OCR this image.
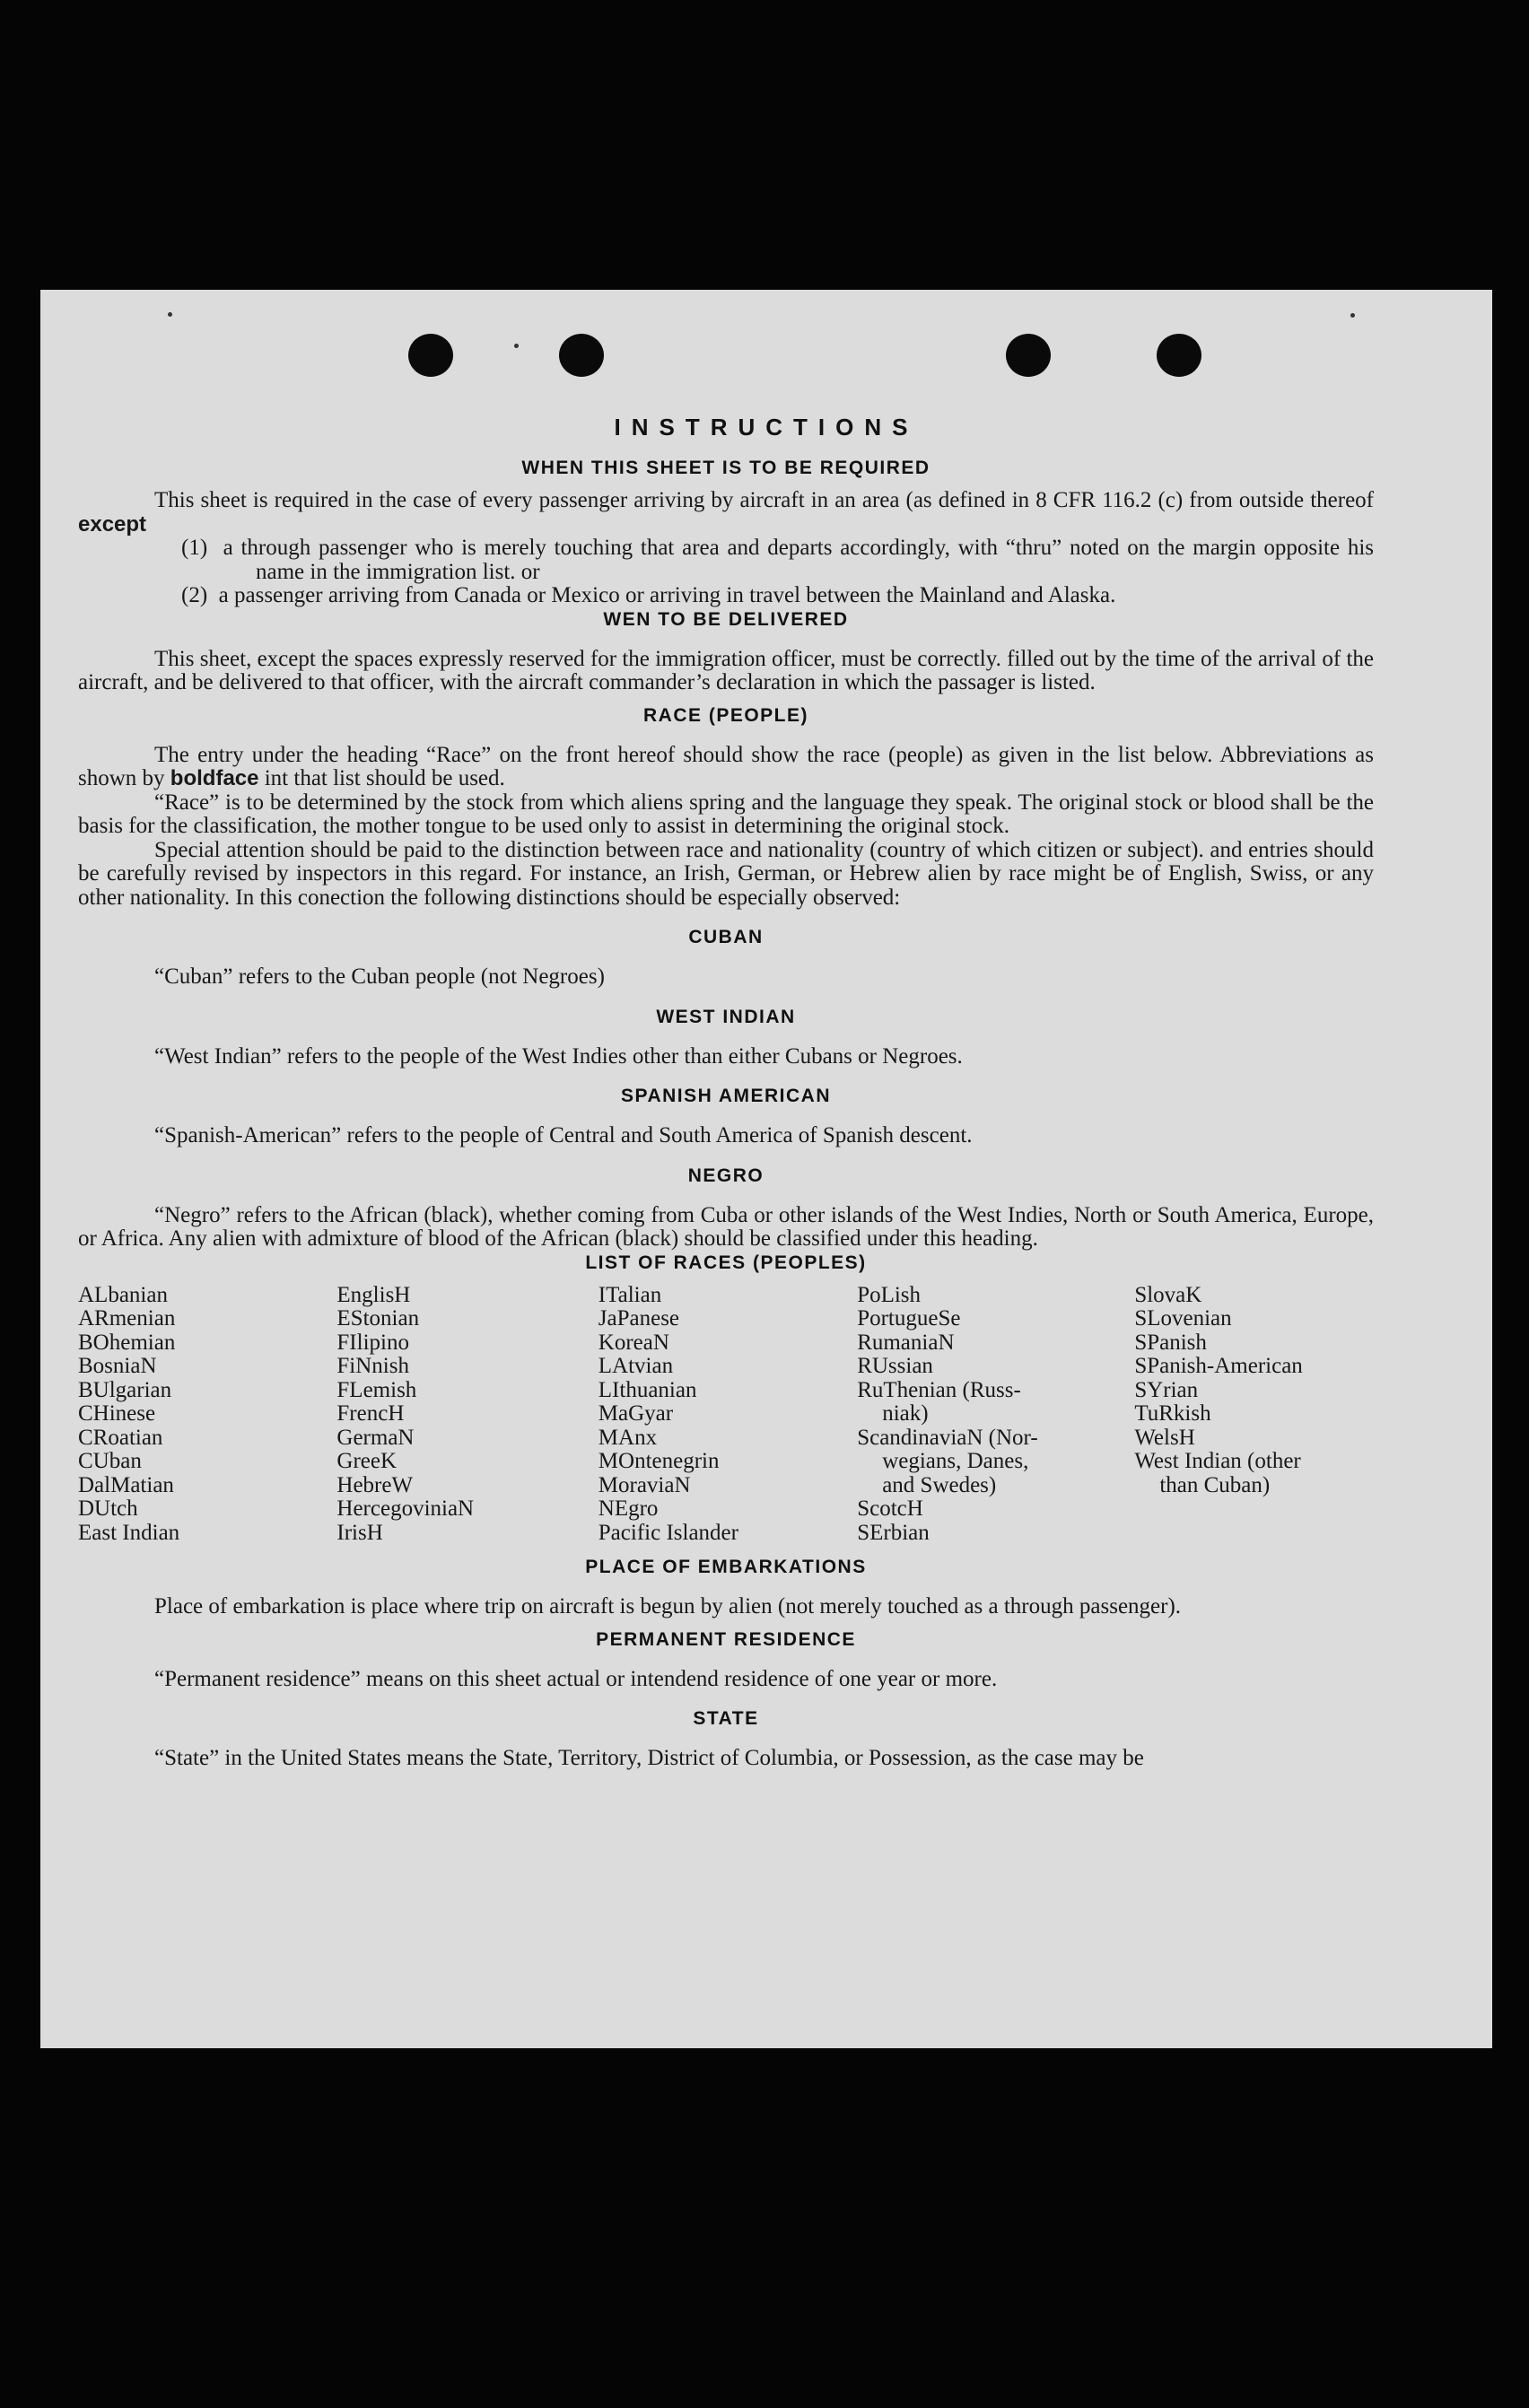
INSTRUCTIONS

WHEN THIS SHEET IS TO BE REQUIRED

This sheet is required in the case of every passenger arriving by aircraft in an area (as defined in 8 CFR 116.2 (c) from outside thereof except

(1) a through passenger who is merely touching that area and departs accordingly, with “thru” noted on the margin opposite his name in the immigration list. or

(2) a passenger arriving from Canada or Mexico or arriving in travel between the Mainland and Alaska.

WEN TO BE DELIVERED

This sheet, except the spaces expressly reserved for the immigration officer, must be correctly. filled out by the time of the arrival of the aircraft, and be delivered to that officer, with the aircraft commander’s declaration in which the passager is listed.

RACE (PEOPLE)

The entry under the heading “Race” on the front hereof should show the race (people) as given in the list below. Abbreviations as shown by boldface int that list should be used.

“Race” is to be determined by the stock from which aliens spring and the language they speak. The original stock or blood shall be the basis for the classification, the mother tongue to be used only to assist in determining the original stock.

Special attention should be paid to the distinction between race and nationality (country of which citizen or subject). and entries should be carefully revised by inspectors in this regard. For instance, an Irish, German, or Hebrew alien by race might be of English, Swiss, or any other nationality. In this conection the following distinctions should be especially observed:

CUBAN

“Cuban” refers to the Cuban people (not Negroes)

WEST INDIAN

“West Indian” refers to the people of the West Indies other than either Cubans or Negroes.

SPANISH AMERICAN

“Spanish-American” refers to the people of Central and South America of Spanish descent.

NEGRO

“Negro” refers to the African (black), whether coming from Cuba or other islands of the West Indies, North or South America, Europe, or Africa. Any alien with admixture of blood of the African (black) should be classified under this heading.

LIST OF RACES (PEOPLES)

ALbanian
ARmenian
BOhemian
BosniaN
BUlgarian
CHinese
CRoatian
CUban
DalMatian
DUtch
East Indian
EnglisH
EStonian
FIlipino
FiNnish
FLemish
FrencH
GermaN
GreeK
HebreW
HercegoviniaN
IrisH
ITalian
JaPanese
KoreaN
LAtvian
LIthuanian
MaGyar
MAnx
MOntenegrin
MoraviaN
NEgro
Pacific Islander
PoLish
PortugueSe
RumaniaN
RUssian
RuThenian (Russ-
niak)
ScandinaviaN (Nor-
wegians, Danes,
and Swedes)
ScotcH
SErbian
SlovaK
SLovenian
SPanish
SPanish-American
SYrian
TuRkish
WelsH
West Indian (other
than Cuban)

PLACE OF EMBARKATIONS

Place of embarkation is place where trip on aircraft is begun by alien (not merely touched as a through passenger).

PERMANENT RESIDENCE

“Permanent residence” means on this sheet actual or intendend residence of one year or more.

STATE

“State” in the United States means the State, Territory, District of Columbia, or Possession, as the case may be
